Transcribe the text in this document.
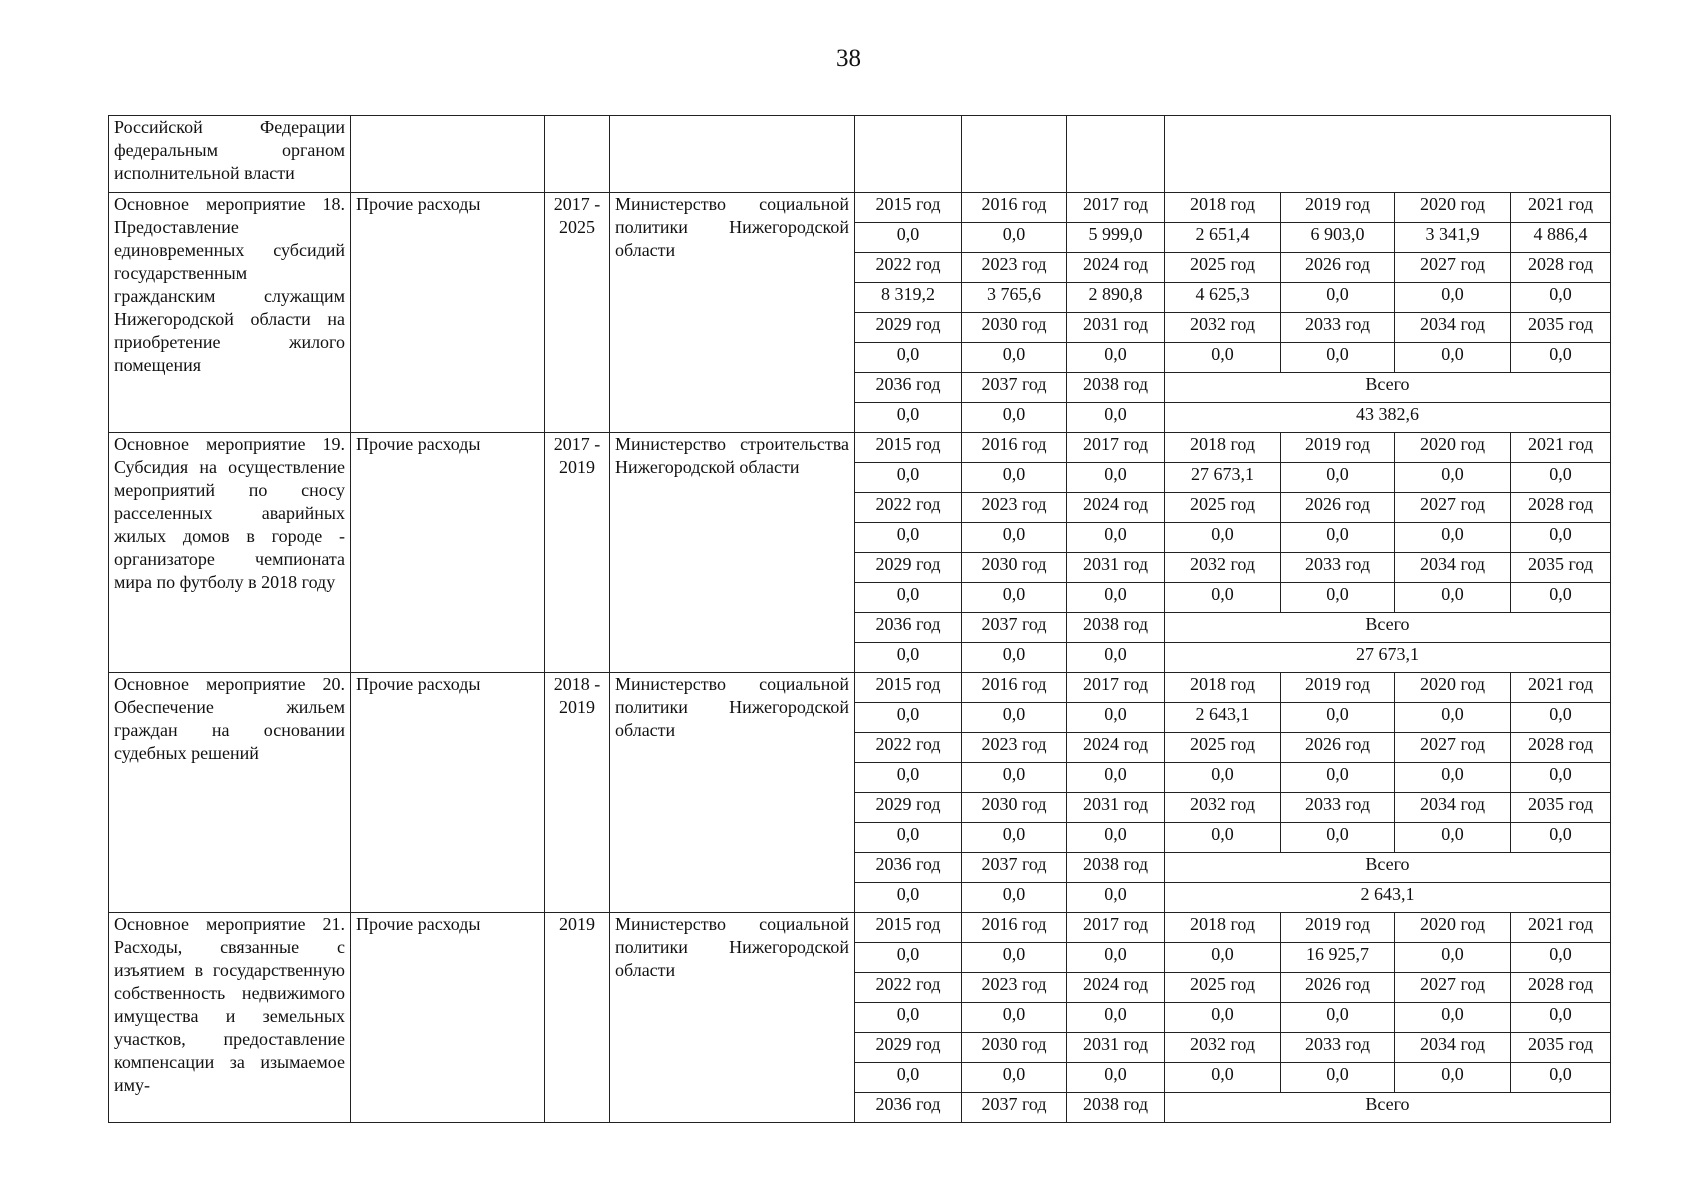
38
Российской Федерации федеральным органом исполнительной власти										
Основное мероприятие 18. Предоставление единовременных субсидий государственным гражданским служащим Нижегородской области на приобретение жилого помещения	Прочие расходы	2017 - 2025	Министерство социальной политики Нижегородской области	2015 год	2016 год	2017 год	2018 год	2019 год	2020 год	2021 год
				0,0	0,0	5 999,0	2 651,4	6 903,0	3 341,9	4 886,4
				2022 год	2023 год	2024 год	2025 год	2026 год	2027 год	2028 год
				8 319,2	3 765,6	2 890,8	4 625,3	0,0	0,0	0,0
				2029 год	2030 год	2031 год	2032 год	2033 год	2034 год	2035 год
				0,0	0,0	0,0	0,0	0,0	0,0	0,0
				2036 год	2037 год	2038 год	Всего			
				0,0	0,0	0,0	43 382,6			
Основное мероприятие 19. Субсидия на осуществление мероприятий по сносу расселенных аварийных жилых домов в городе - организаторе чемпионата мира по футболу в 2018 году	Прочие расходы	2017 - 2019	Министерство строительства Нижегородской области	2015 год	2016 год	2017 год	2018 год	2019 год	2020 год	2021 год
				0,0	0,0	0,0	27 673,1	0,0	0,0	0,0
				2022 год	2023 год	2024 год	2025 год	2026 год	2027 год	2028 год
				0,0	0,0	0,0	0,0	0,0	0,0	0,0
				2029 год	2030 год	2031 год	2032 год	2033 год	2034 год	2035 год
				0,0	0,0	0,0	0,0	0,0	0,0	0,0
				2036 год	2037 год	2038 год	Всего			
				0,0	0,0	0,0	27 673,1			
Основное мероприятие 20. Обеспечение жильем граждан на основании судебных решений	Прочие расходы	2018 - 2019	Министерство социальной политики Нижегородской области	2015 год	2016 год	2017 год	2018 год	2019 год	2020 год	2021 год
				0,0	0,0	0,0	2 643,1	0,0	0,0	0,0
				2022 год	2023 год	2024 год	2025 год	2026 год	2027 год	2028 год
				0,0	0,0	0,0	0,0	0,0	0,0	0,0
				2029 год	2030 год	2031 год	2032 год	2033 год	2034 год	2035 год
				0,0	0,0	0,0	0,0	0,0	0,0	0,0
				2036 год	2037 год	2038 год	Всего			
				0,0	0,0	0,0	2 643,1			
Основное мероприятие 21. Расходы, связанные с изъятием в государственную собственность недвижимого имущества и земельных участков, предоставление компенсации за изымаемое иму-	Прочие расходы	2019	Министерство социальной политики Нижегородской области	2015 год	2016 год	2017 год	2018 год	2019 год	2020 год	2021 год
				0,0	0,0	0,0	0,0	16 925,7	0,0	0,0
				2022 год	2023 год	2024 год	2025 год	2026 год	2027 год	2028 год
				0,0	0,0	0,0	0,0	0,0	0,0	0,0
				2029 год	2030 год	2031 год	2032 год	2033 год	2034 год	2035 год
				0,0	0,0	0,0	0,0	0,0	0,0	0,0
				2036 год	2037 год	2038 год	Всего			
